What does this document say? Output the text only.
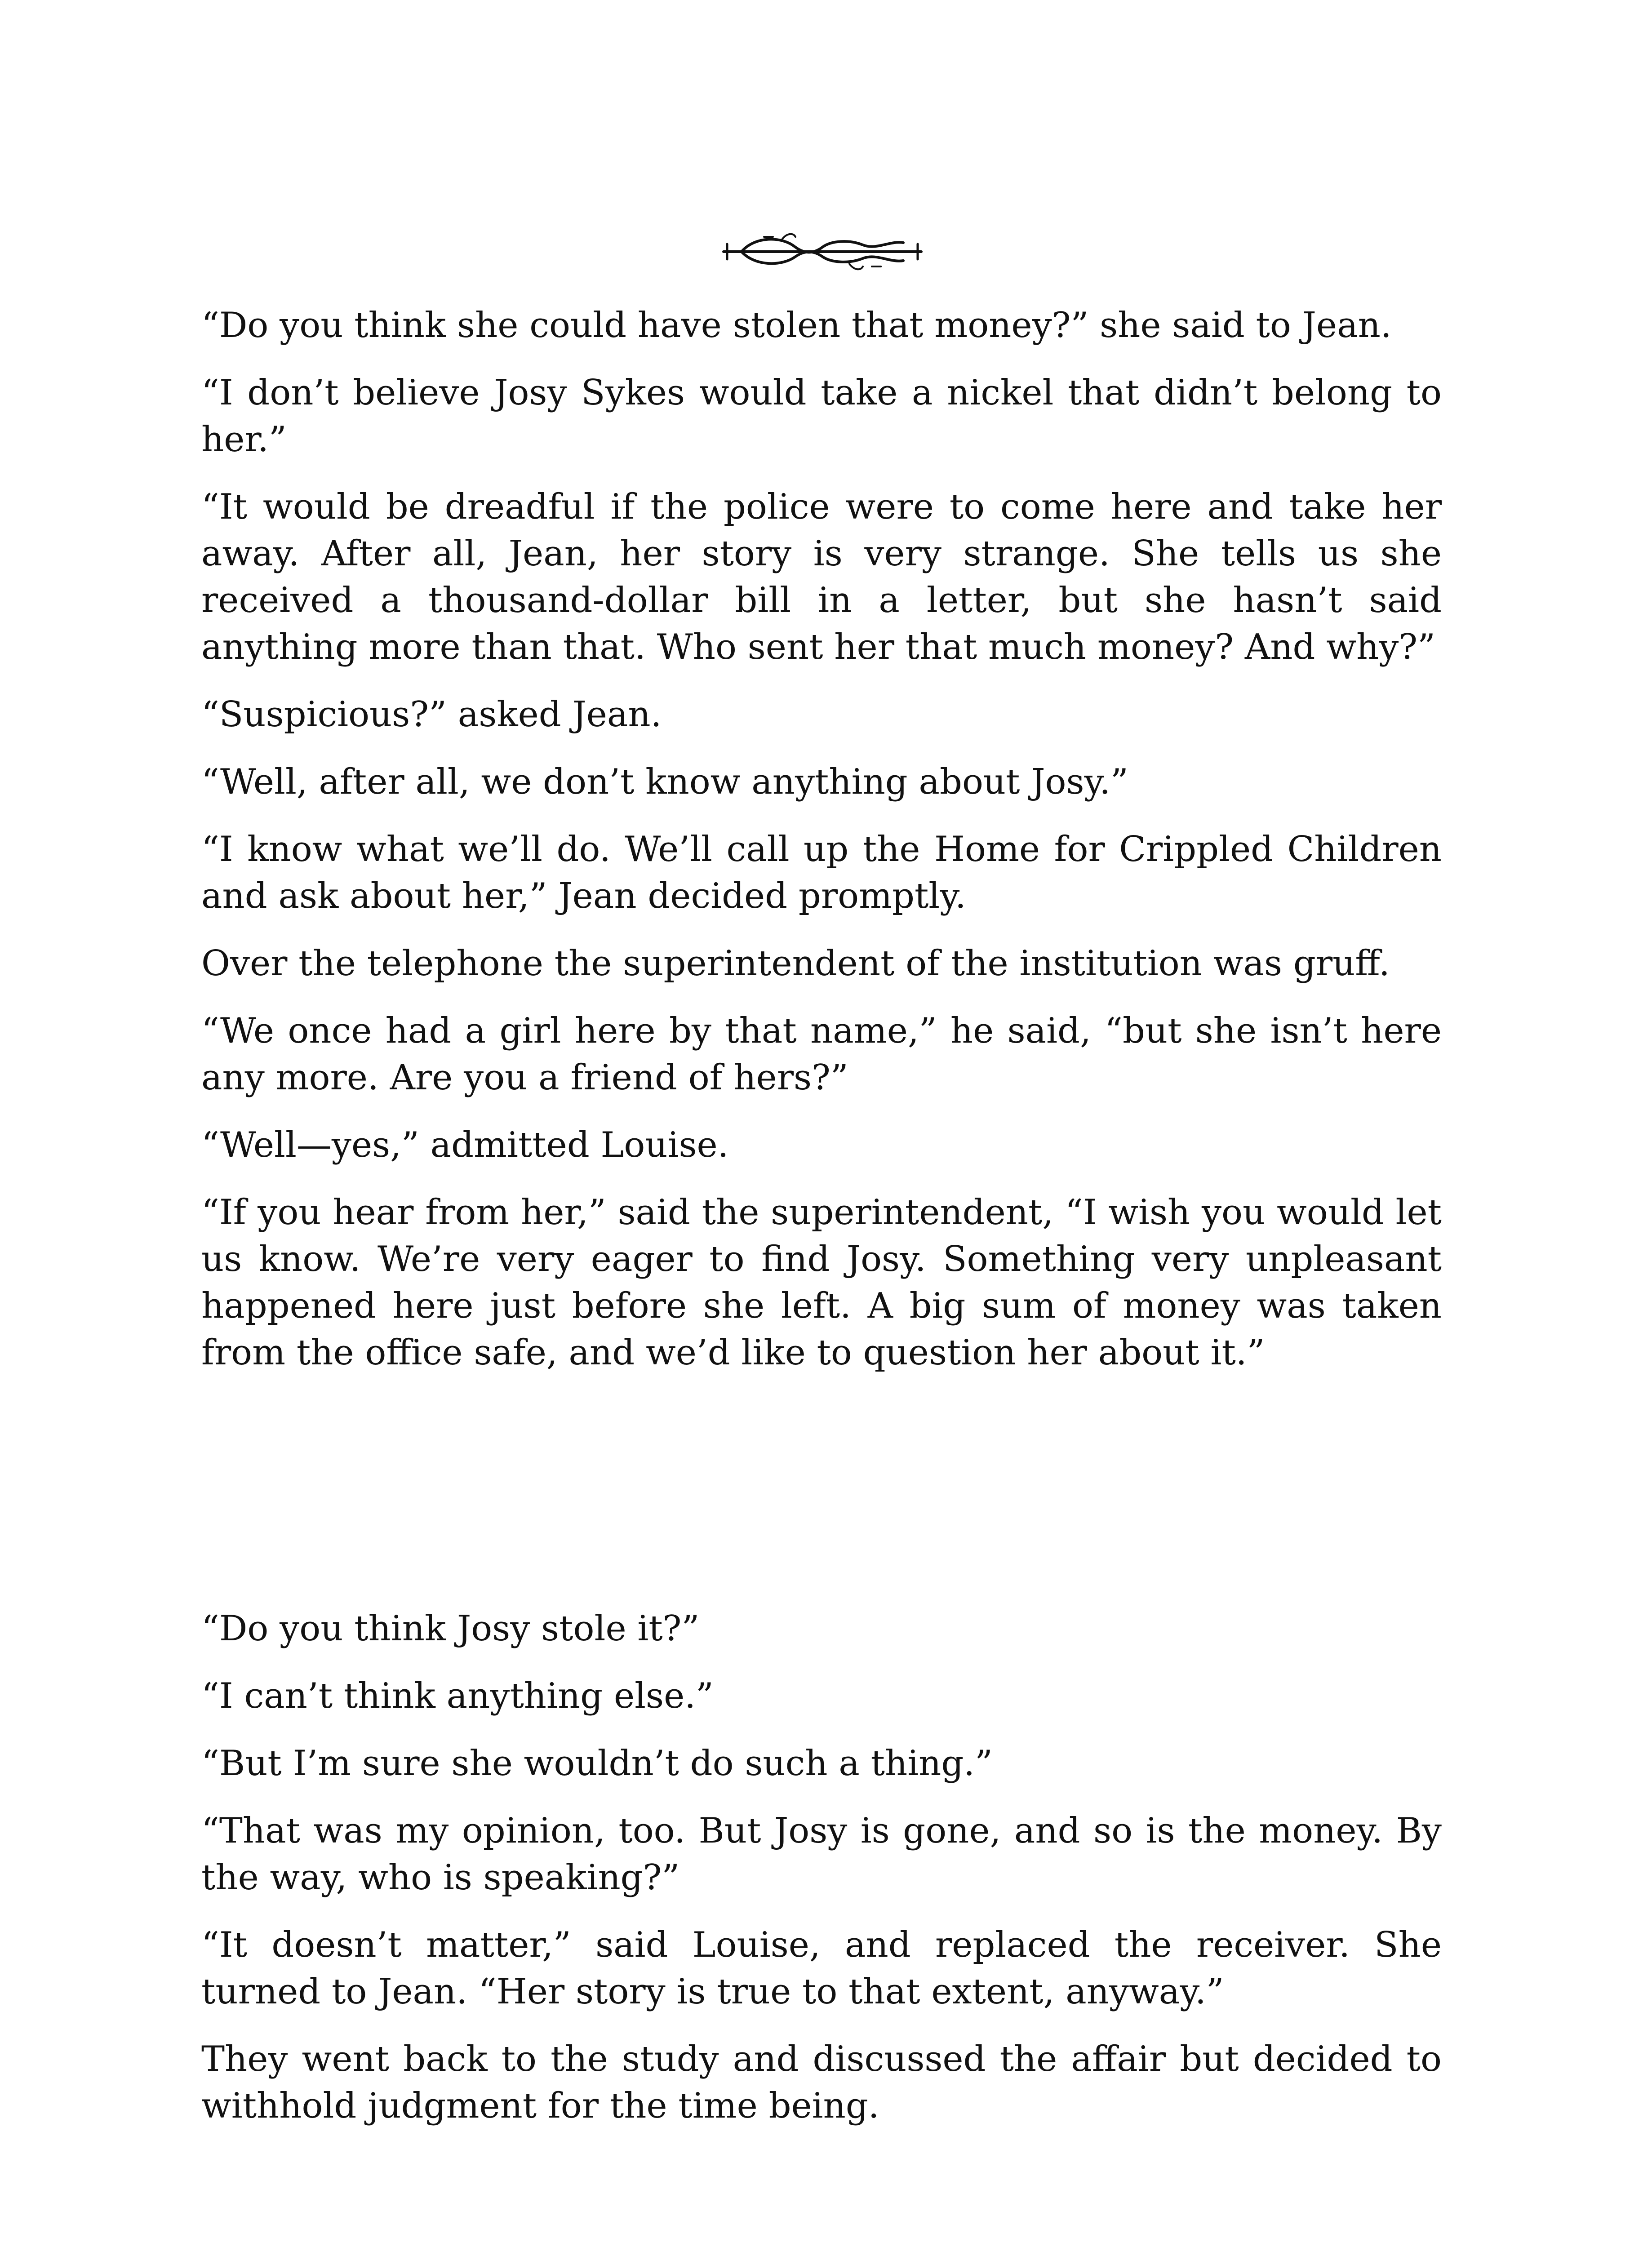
“Do you think she could have stolen that money?” she said to Jean.

“I don’t believe Josy Sykes would take a nickel that didn’t belong to her.”

“It would be dreadful if the police were to come here and take her away. After all, Jean, her story is very strange. She tells us she received a thousand-dollar bill in a letter, but she hasn’t said anything more than that. Who sent her that much money? And why?”

“Suspicious?” asked Jean.

“Well, after all, we don’t know anything about Josy.”

“I know what we’ll do. We’ll call up the Home for Crippled Children and ask about her,” Jean decided promptly.

Over the telephone the superintendent of the institution was gruff.

“We once had a girl here by that name,” he said, “but she isn’t here any more. Are you a friend of hers?”

“Well—yes,” admitted Louise.

“If you hear from her,” said the superintendent, “I wish you would let us know. We’re very eager to find Josy. Something very unpleasant happened here just before she left. A big sum of money was taken from the office safe, and we’d like to question her about it.”

“Do you think Josy stole it?”

“I can’t think anything else.”

“But I’m sure she wouldn’t do such a thing.”

“That was my opinion, too. But Josy is gone, and so is the money. By the way, who is speaking?”

“It doesn’t matter,” said Louise, and replaced the receiver. She turned to Jean. “Her story is true to that extent, anyway.”

They went back to the study and discussed the affair but decided to withhold judgment for the time being.
